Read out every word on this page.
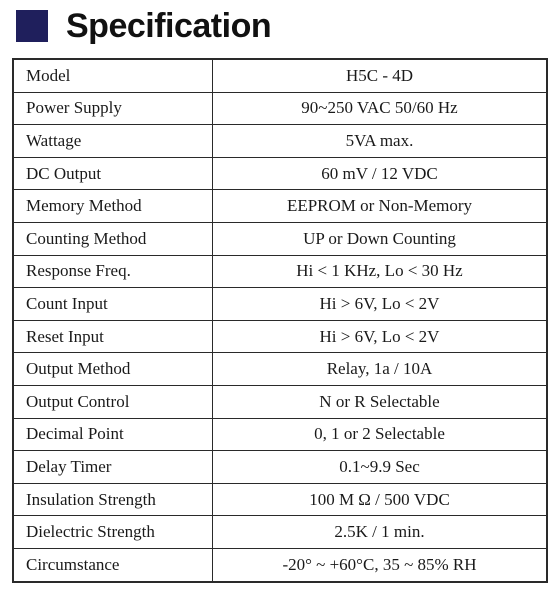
Specification
Model	H5C - 4D
Power Supply	90~250 VAC 50/60 Hz
Wattage	5VA max.
DC Output	60 mV / 12 VDC
Memory Method	EEPROM or Non-Memory
Counting Method	UP or Down Counting
Response Freq.	Hi < 1 KHz, Lo < 30 Hz
Count Input	Hi > 6V, Lo < 2V
Reset Input	Hi > 6V, Lo < 2V
Output Method	Relay, 1a / 10A
Output Control	N or R Selectable
Decimal Point	0, 1 or 2 Selectable
Delay Timer	0.1~9.9 Sec
Insulation Strength	100 M Ω / 500 VDC
Dielectric Strength	2.5K / 1 min.
Circumstance	-20° ~ +60°C, 35 ~ 85% RH
